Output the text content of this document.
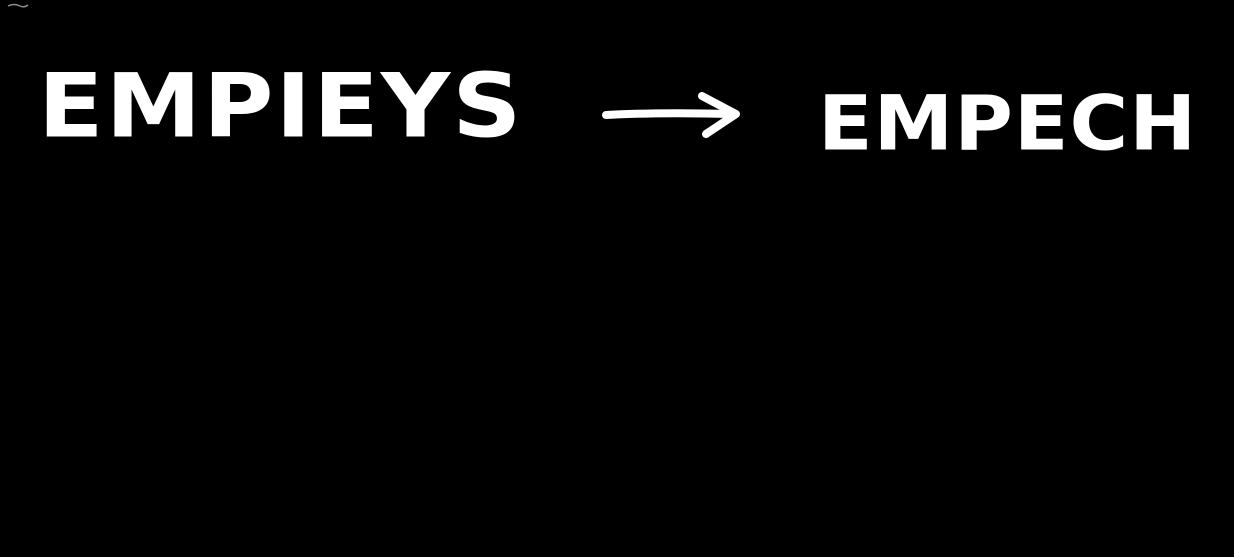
EMPIEYS	EMPECH
